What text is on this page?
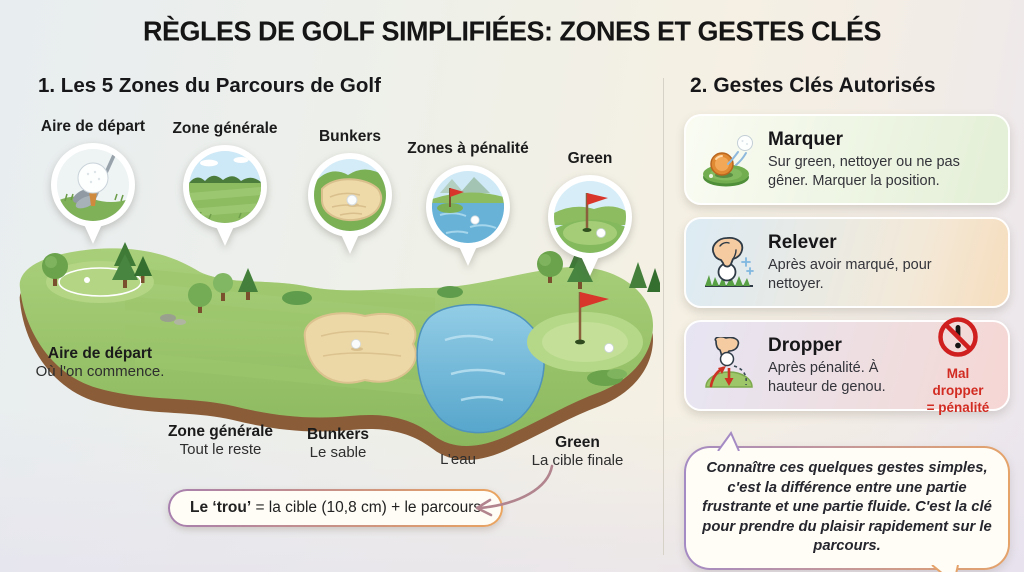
RÈGLES DE GOLF SIMPLIFIÉES: ZONES ET GESTES CLÉS
1. Les 5 Zones du Parcours de Golf	2. Gestes Clés Autorisés
Aire de départ	Zone générale	Bunkers
Zones à pénalité
Green
Aire de départ
Où l'on commence.
Zone générale
Tout le reste
Bunkers
Le sable	L’eau
Green
La cible finale
Le ‘trou’ = la cible (10,8 cm) + le parcours
Marquer
Sur green, nettoyer ou ne pas gêner. Marquer la position.
Relever
Après avoir marqué, pour nettoyer.
Dropper
Après pénalité. À hauteur de genou.
Mal dropper
= pénalité
Connaître ces quelques gestes simples, c'est la différence entre une partie frustrante et une partie fluide. C'est la clé pour prendre du plaisir rapidement sur le parcours.
